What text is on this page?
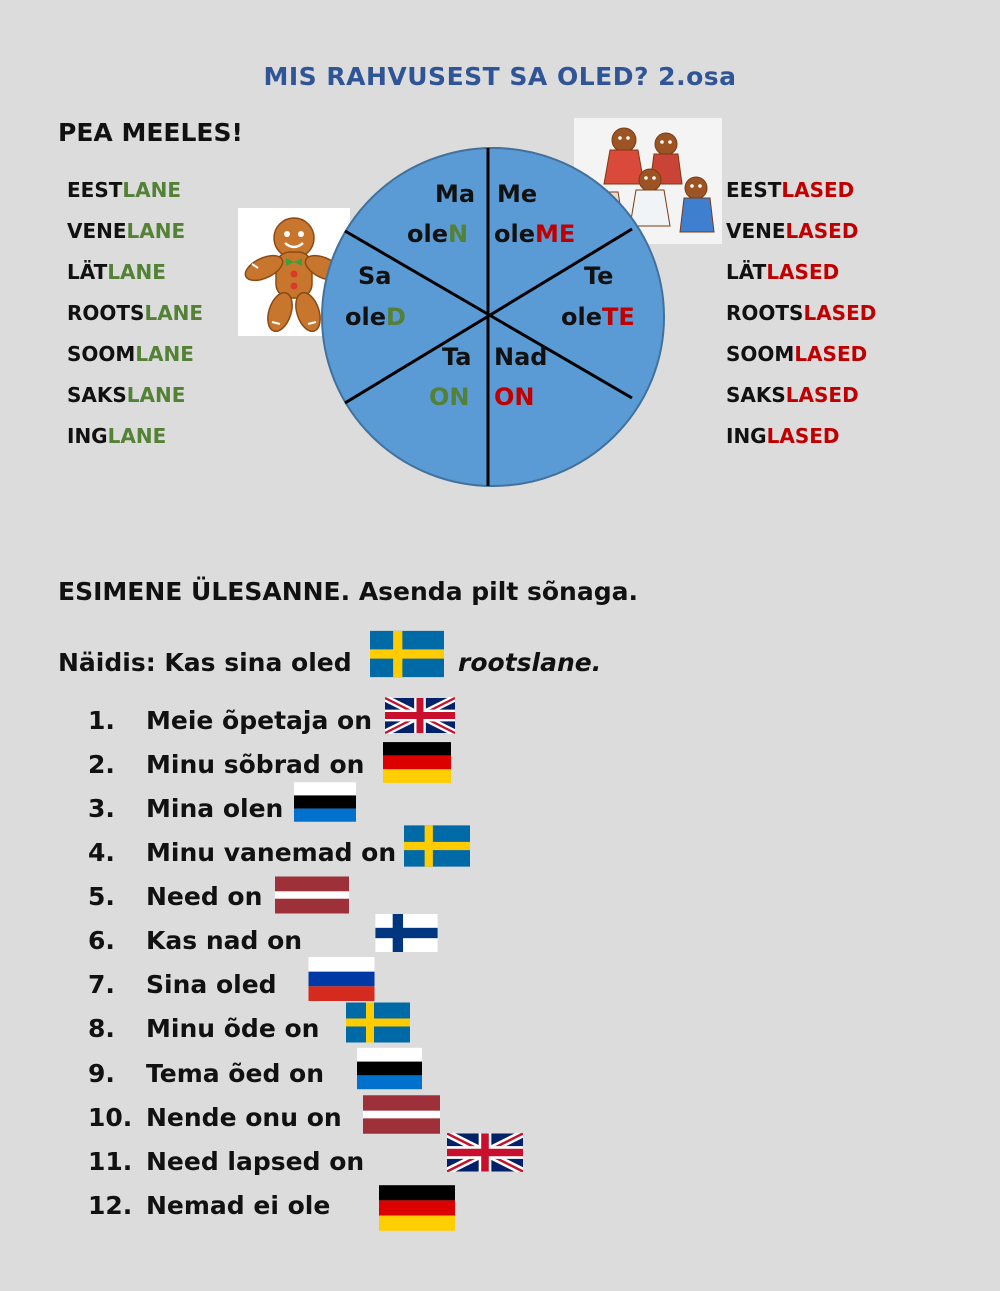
MIS RAHVUSEST SA OLED? 2.osa
PEA MEELES!
EESTLANE
VENELANE
LÄTLANE
ROOTSLANE
SOOMLANE
SAKSLANE
INGLANE
EESTLASED
VENELASED
LÄTLASED
ROOTSLASED
SOOMLASED
SAKSLASED
INGLASED
Ma
oleN
Me
oleME
Sa
oleD
Te
oleTE
Ta
ON
Nad
ON
ESIMENE ÜLESANNE. Asenda pilt sõnaga.
Näidis: Kas sina oled	rootslane.
1.	Meie õpetaja on
2.	Minu sõbrad on
3.	Mina olen
4.	Minu vanemad on
5.	Need on
6.	Kas nad on
7.	Sina oled
8.	Minu õde on
9.	Tema õed on
10. Nende onu on
11. Need lapsed on
12. Nemad ei ole
